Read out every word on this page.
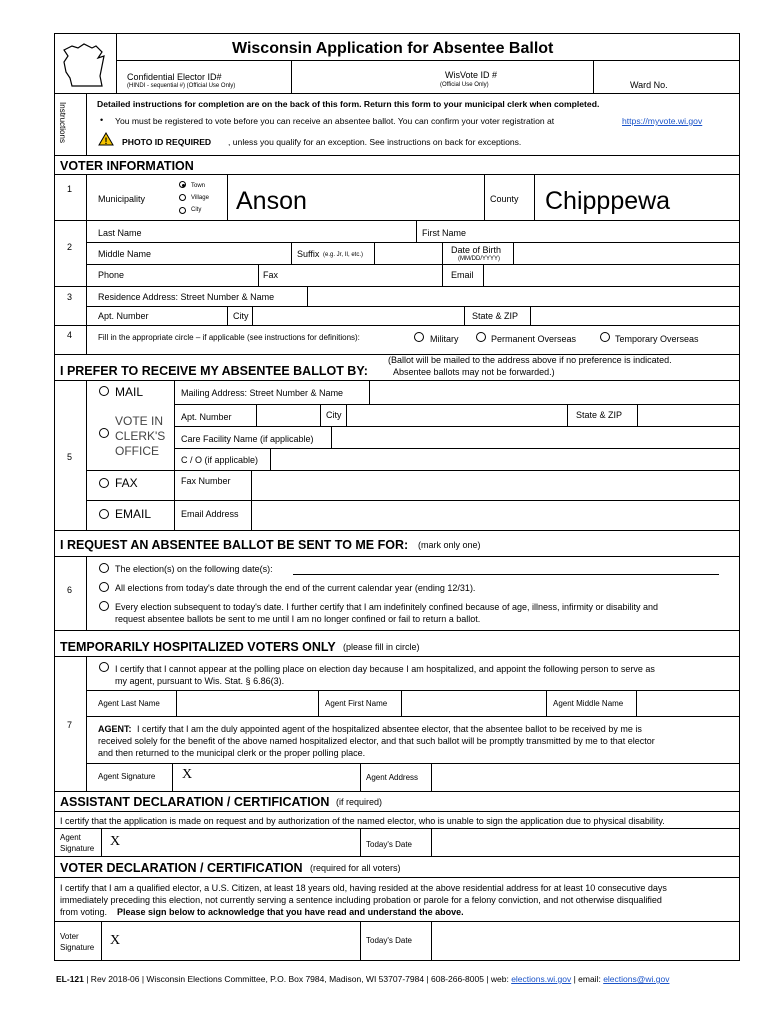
Wisconsin Application for Absentee Ballot
Confidential Elector ID#
(HINDI - sequential #) (Official Use Only)
WisVote ID #
(Official Use Only)	Ward No.
Instructions	Detailed instructions for completion are on the back of this form. Return this form to your municipal clerk when completed.
• You must be registered to vote before you can receive an absentee ballot. You can confirm your voter registration at	https://myvote.wi.gov
! PHOTO ID REQUIRED , unless you qualify for an exception. See instructions on back for exceptions.
VOTER INFORMATION
1
Municipality
Town
Village
City Anson	County Chipppewa
2
Last Name	First Name
Middle Name	Suffix (e.g. Jr, II, etc.)	Date of Birth
(MM/DD/YYYY)
Phone	Fax	Email
3	Residence Address: Street Number & Name
Apt. Number	City	State & ZIP
4	Fill in the appropriate circle – if applicable (see instructions for definitions):	Military	Permanent Overseas	Temporary Overseas
I PREFER TO RECEIVE MY ABSENTEE BALLOT BY:
(Ballot will be mailed to the address above if no preference is indicated.
Absentee ballots may not be forwarded.)
5
MAIL	Mailing Address: Street Number & Name
VOTE IN
CLERK'S
OFFICE
Apt. Number	City	State & ZIP
Care Facility Name (if applicable)
C / O (if applicable)
FAX	Fax Number
EMAIL	Email Address
I REQUEST AN ABSENTEE BALLOT BE SENT TO ME FOR: (mark only one)
6
The election(s) on the following date(s):
All elections from today's date through the end of the current calendar year (ending 12/31).
Every election subsequent to today's date. I further certify that I am indefinitely confined because of age, illness, infirmity or disability and
request absentee ballots be sent to me until I am no longer confined or fail to return a ballot.
TEMPORARILY HOSPITALIZED VOTERS ONLY (please fill in circle)
7
I certify that I cannot appear at the polling place on election day because I am hospitalized, and appoint the following person to serve as
my agent, pursuant to Wis. Stat. § 6.86(3).
Agent Last Name	Agent First Name	Agent Middle Name
AGENT: I certify that I am the duly appointed agent of the hospitalized absentee elector, that the absentee ballot to be received by me is
received solely for the benefit of the above named hospitalized elector, and that such ballot will be promptly transmitted by me to that elector
and then returned to the municipal clerk or the proper polling place.
Agent Signature X	Agent Address
ASSISTANT DECLARATION / CERTIFICATION (if required)
I certify that the application is made on request and by authorization of the named elector, who is unable to sign the application due to physical disability.
Agent
Signature X	Today's Date
VOTER DECLARATION / CERTIFICATION (required for all voters)
I certify that I am a qualified elector, a U.S. Citizen, at least 18 years old, having resided at the above residential address for at least 10 consecutive days
immediately preceding this election, not currently serving a sentence including probation or parole for a felony conviction, and not otherwise disqualified
from voting. Please sign below to acknowledge that you have read and understand the above.
Voter
Signature X	Today's Date
EL-121 | Rev 2018-06 | Wisconsin Elections Committee, P.O. Box 7984, Madison, WI 53707-7984 | 608-266-8005 | web: elections.wi.gov | email: elections@wi.gov
